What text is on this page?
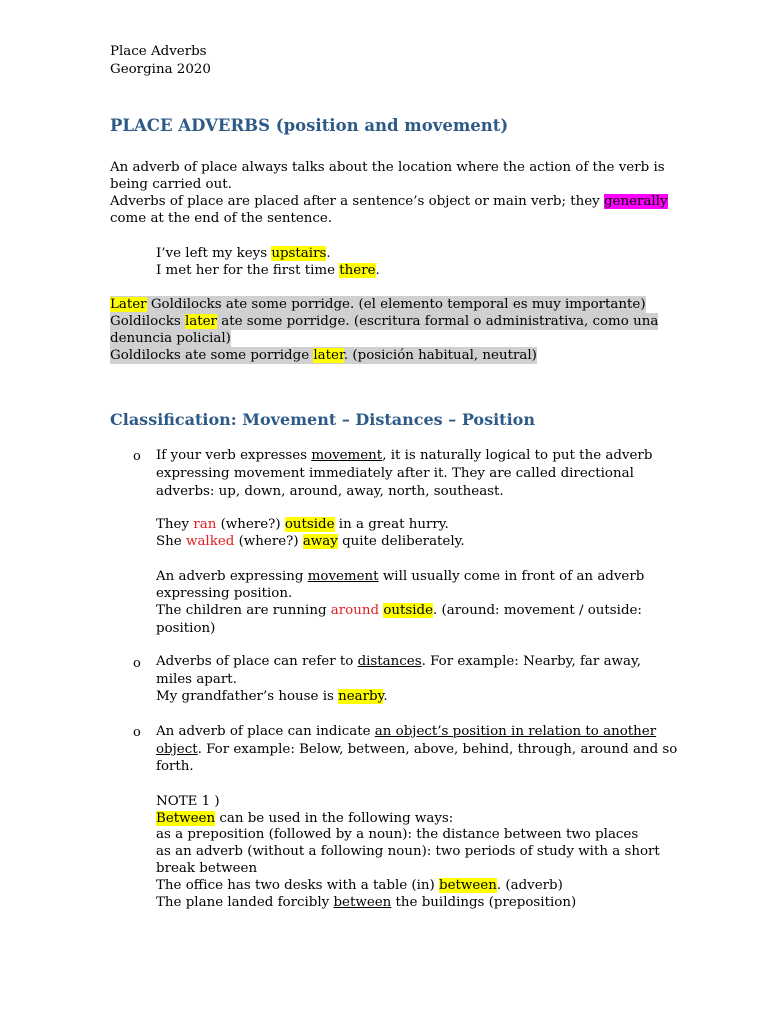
Place Adverbs
Georgina 2020
PLACE ADVERBS (position and movement)
An adverb of place always talks about the location where the action of the verb is
being carried out.
Adverbs of place are placed after a sentence’s object or main verb; they generally
come at the end of the sentence.
I’ve left my keys upstairs.
I met her for the first time there.
Later Goldilocks ate some porridge. (el elemento temporal es muy importante)
Goldilocks later ate some porridge. (escritura formal o administrativa, como una
denuncia policial)
Goldilocks ate some porridge later. (posición habitual, neutral)
Classification: Movement – Distances – Position
o If your verb expresses movement, it is naturally logical to put the adverb
expressing movement immediately after it. They are called directional
adverbs: up, down, around, away, north, southeast.
They ran (where?) outside in a great hurry.
She walked (where?) away quite deliberately.
An adverb expressing movement will usually come in front of an adverb
expressing position.
The children are running around outside. (around: movement / outside:
position)
o Adverbs of place can refer to distances. For example: Nearby, far away,
miles apart.
My grandfather’s house is nearby.
o An adverb of place can indicate an object’s position in relation to another
object. For example: Below, between, above, behind, through, around and so
forth.
NOTE 1 )
Between can be used in the following ways:
as a preposition (followed by a noun): the distance between two places
as an adverb (without a following noun): two periods of study with a short
break between
The office has two desks with a table (in) between. (adverb)
The plane landed forcibly between the buildings (preposition)
